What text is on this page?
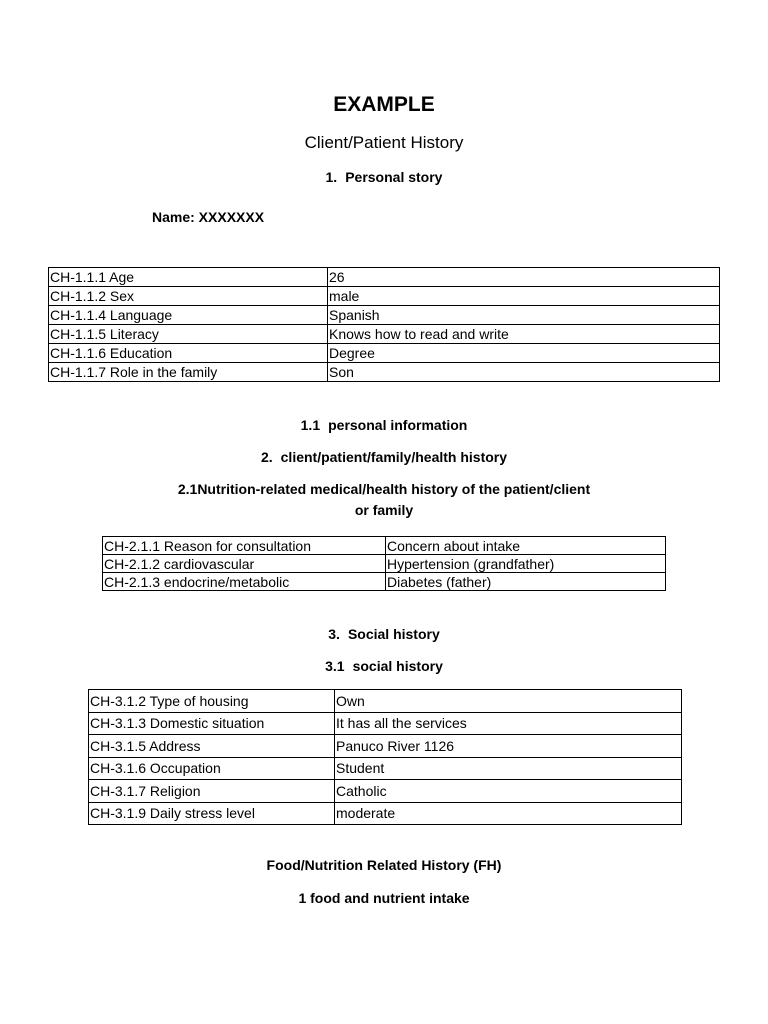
EXAMPLE
Client/Patient History
1. Personal story
Name: XXXXXXX
CH-1.1.1 Age	26
CH-1.1.2 Sex	male
CH-1.1.4 Language	Spanish
CH-1.1.5 Literacy	Knows how to read and write
CH-1.1.6 Education	Degree
CH-1.1.7 Role in the family	Son
1.1 personal information
2. client/patient/family/health history
2.1Nutrition-related medical/health history of the patient/client
or family
CH-2.1.1 Reason for consultation	Concern about intake
CH-2.1.2 cardiovascular	Hypertension (grandfather)
CH-2.1.3 endocrine/metabolic	Diabetes (father)
3. Social history
3.1 social history
CH-3.1.2 Type of housing	Own
CH-3.1.3 Domestic situation	It has all the services
CH-3.1.5 Address	Panuco River 1126
CH-3.1.6 Occupation	Student
CH-3.1.7 Religion	Catholic
CH-3.1.9 Daily stress level	moderate
Food/Nutrition Related History (FH)
1 food and nutrient intake
